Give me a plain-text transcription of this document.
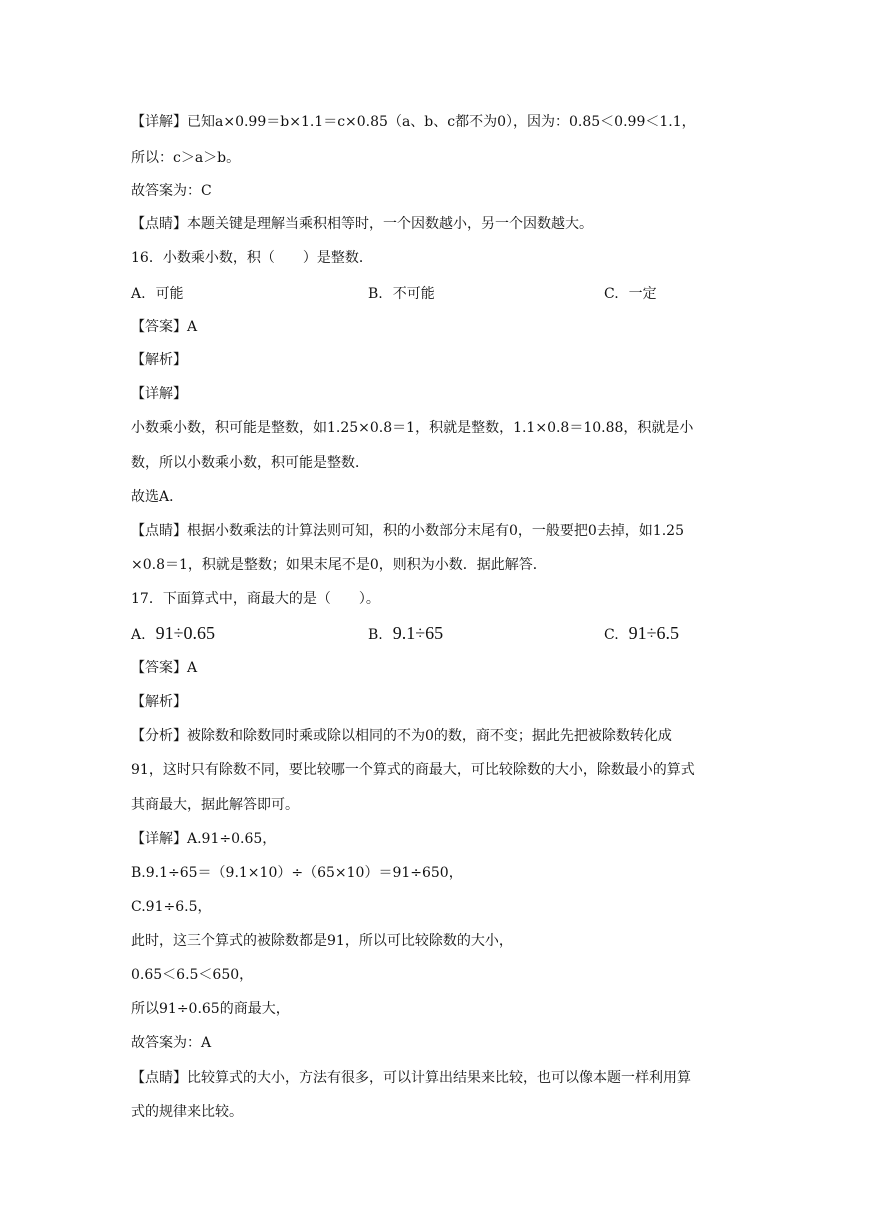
【详解】已知a×0.99＝b×1.1＝c×0.85（a、b、c都不为0），因为：0.85＜0.99＜1.1，
所以：c＞a＞b。
故答案为：C
【点睛】本题关键是理解当乘积相等时，一个因数越小，另一个因数越大。
16．小数乘小数，积（　　）是整数．
A. 可能	B. 不可能	C. 一定
【答案】A
【解析】
【详解】
小数乘小数，积可能是整数，如1.25×0.8＝1，积就是整数，1.1×0.8＝10.88，积就是小
数，所以小数乘小数，积可能是整数．
故选A．
【点睛】根据小数乘法的计算法则可知，积的小数部分末尾有0，一般要把0去掉，如1.25
×0.8＝1，积就是整数；如果末尾不是0，则积为小数．据此解答．
17．下面算式中，商最大的是（　　）。
A. 91÷0.65	B. 9.1÷65	C. 91÷6.5
【答案】A
【解析】
【分析】被除数和除数同时乘或除以相同的不为0的数，商不变；据此先把被除数转化成
91，这时只有除数不同，要比较哪一个算式的商最大，可比较除数的大小，除数最小的算式
其商最大，据此解答即可。
【详解】A.91÷0.65，
B.9.1÷65＝（9.1×10）÷（65×10）＝91÷650，
C.91÷6.5，
此时，这三个算式的被除数都是91，所以可比较除数的大小，
0.65＜6.5＜650，
所以91÷0.65的商最大，
故答案为：A
【点睛】比较算式的大小，方法有很多，可以计算出结果来比较，也可以像本题一样利用算
式的规律来比较。
